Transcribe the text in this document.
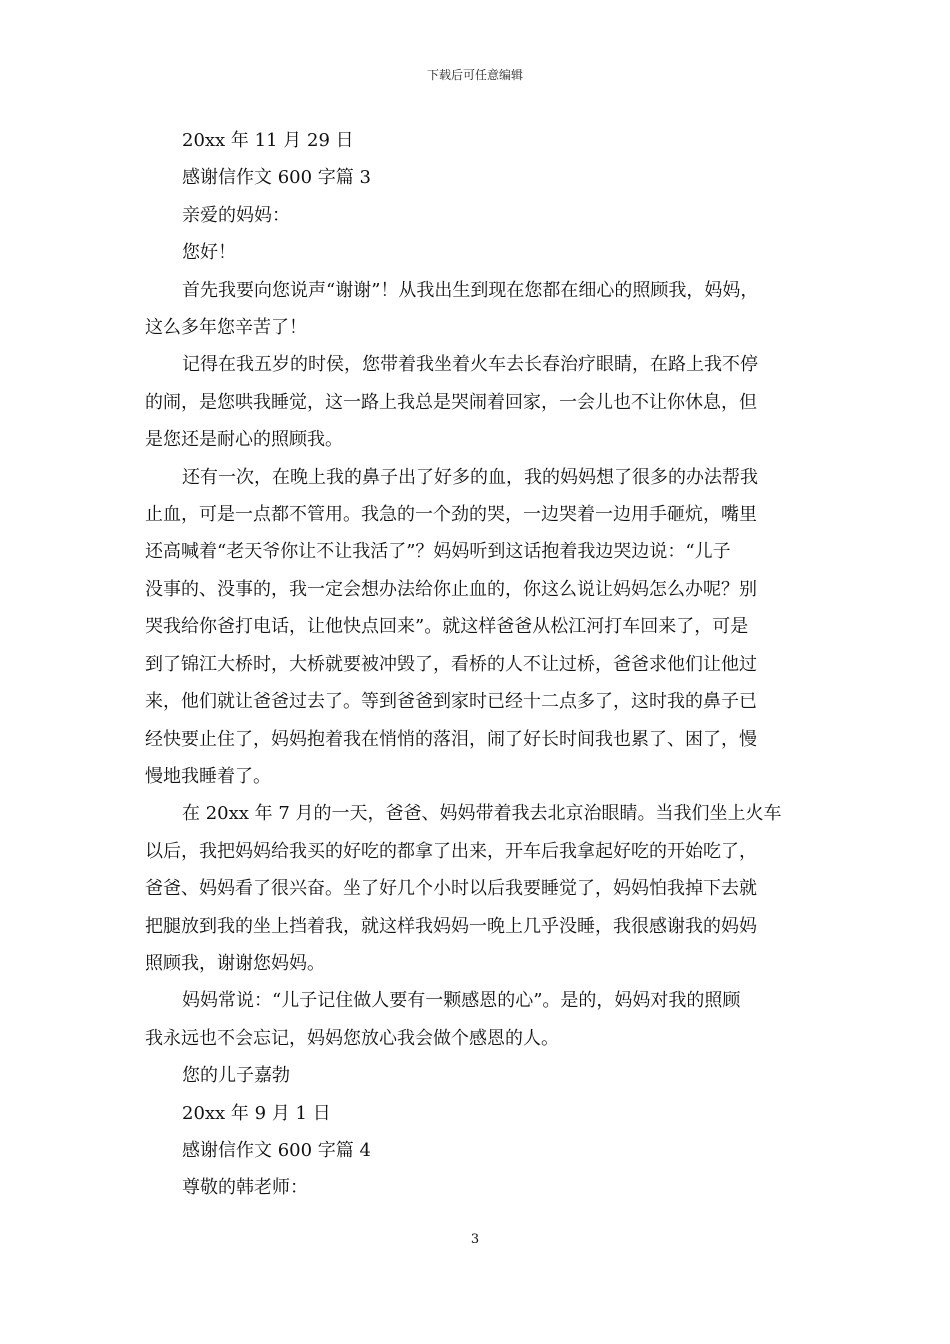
下载后可任意编辑

20xx 年 11 月 29 日

感谢信作文 600 字篇 3

亲爱的妈妈：

您好！

首先我要向您说声“谢谢”！从我出生到现在您都在细心的照顾我，妈妈，
这么多年您辛苦了！
记得在我五岁的时侯，您带着我坐着火车去长春治疗眼睛，在路上我不停
的闹，是您哄我睡觉，这一路上我总是哭闹着回家，一会儿也不让你休息，但
是您还是耐心的照顾我。
还有一次，在晚上我的鼻子出了好多的血，我的妈妈想了很多的办法帮我
止血，可是一点都不管用。我急的一个劲的哭，一边哭着一边用手砸炕，嘴里
还高喊着“老天爷你让不让我活了”？妈妈听到这话抱着我边哭边说：“儿子
没事的、没事的，我一定会想办法给你止血的，你这么说让妈妈怎么办呢？别
哭我给你爸打电话，让他快点回来”。就这样爸爸从松江河打车回来了，可是
到了锦江大桥时，大桥就要被冲毁了，看桥的人不让过桥，爸爸求他们让他过
来，他们就让爸爸过去了。等到爸爸到家时已经十二点多了，这时我的鼻子已
经快要止住了，妈妈抱着我在悄悄的落泪，闹了好长时间我也累了、困了，慢
慢地我睡着了。
在 20xx 年 7 月的一天，爸爸、妈妈带着我去北京治眼睛。当我们坐上火车
以后，我把妈妈给我买的好吃的都拿了出来，开车后我拿起好吃的开始吃了，
爸爸、妈妈看了很兴奋。坐了好几个小时以后我要睡觉了，妈妈怕我掉下去就
把腿放到我的坐上挡着我，就这样我妈妈一晚上几乎没睡，我很感谢我的妈妈
照顾我，谢谢您妈妈。
妈妈常说：“儿子记住做人要有一颗感恩的心”。是的，妈妈对我的照顾
我永远也不会忘记，妈妈您放心我会做个感恩的人。

您的儿子嘉勃

20xx 年 9 月 1 日

感谢信作文 600 字篇 4

尊敬的韩老师：

3
